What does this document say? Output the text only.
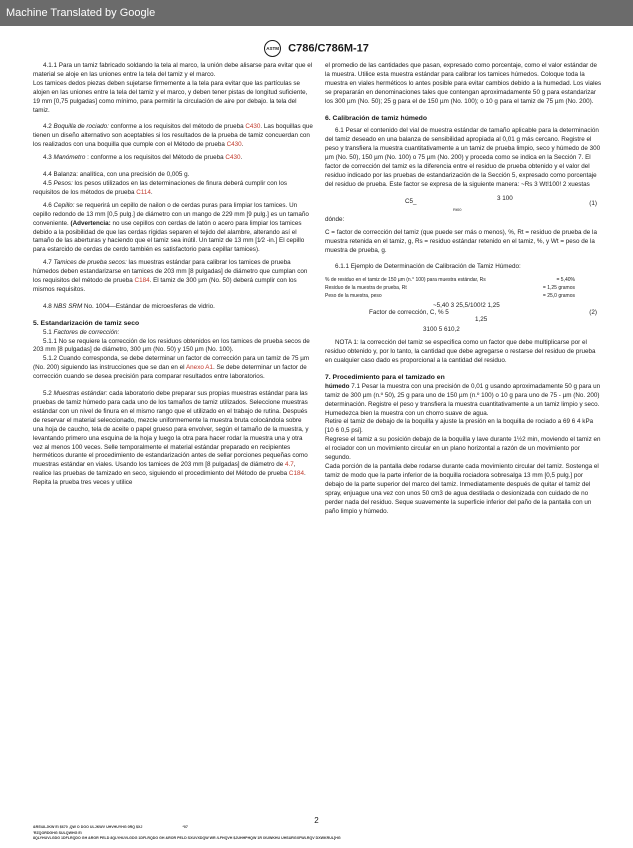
Machine Translated by Google
ASTM C786/C786M-17

4.1.1 Para un tamiz fabricado soldando la tela al marco, la unión debe alisarse para evitar que el material se aloje en las uniones entre la tela del tamiz y el marco.

Los tamices dedos piezas deben sujetarse firmemente a la tela para evitar que las partículas se alojen en las uniones entre la tela del tamiz y el marco, y deben tener pistas de longitud suficiente, 19 mm [0,75 pulgadas] como mínimo, para permitir la circulación de aire por debajo. la tela del tamiz.

4.2 Boquilla de rociado: conforme a los requisitos del método de prueba C430. Las boquillas que tienen un diseño alternativo son aceptables si los resultados de la prueba de tamiz concuerdan con los realizados con una boquilla que cumple con el Método de prueba C430.

4.3 Manómetro : conforme a los requisitos del Método de prueba C430.

4.4 Balanza: analítica, con una precisión de 0,005 g.

4.5 Pesos: los pesos utilizados en las determinaciones de finura deberá cumplir con los requisitos de los métodos de prueba C114.

4.6 Cepillo: se requerirá un cepillo de nailon o de cerdas puras para limpiar los tamices. Un cepillo redondo de 13 mm [0,5 pulg.] de diámetro con un mango de 229 mm [9 pulg.] es un tamaño conveniente. (Advertencia: no use cepillos con cerdas de latón o acero para limpiar los tamices debido a la posibilidad de que las cerdas rígidas separen el tejido del alambre, alterando así el tamaño de las aberturas y haciendo que el tamiz sea inútil. Un tamiz de 13 mm [1⁄2 -in.] El cepillo para estarcido de cerdas de cerdo también es satisfactorio para cepillar tamices).

4.7 Tamices de prueba secos: las muestras estándar para calibrar los tamices de prueba húmedos deben estandarizarse en tamices de 203 mm [8 pulgadas] de diámetro que cumplan con los requisitos del método de prueba C184. El tamiz de 300 µm (No. 50) deberá cumplir con los mismos requisitos.

4.8 NBS SRM No. 1004—Estándar de microesferas de vidrio.

5. Estandarización de tamiz seco

5.1 Factores de corrección:

5.1.1 No se requiere la corrección de los residuos obtenidos en los tamices de prueba secos de 203 mm [8 pulgadas] de diámetro, 300 µm (No. 50) y 150 µm (No. 100).

5.1.2 Cuando corresponda, se debe determinar un factor de corrección para un tamiz de 75 µm (No. 200) siguiendo las instrucciones que se dan en el Anexo A1. Se debe determinar un factor de corrección cuando se desea precisión para comparar resultados entre laboratorios.

5.2 Muestras estándar: cada laboratorio debe preparar sus propias muestras estándar para las pruebas de tamiz húmedo para cada uno de los tamaños de tamiz utilizados. Seleccione muestras estándar con un nivel de finura en el mismo rango que el utilizado en el trabajo de rutina. Después de reservar el material seleccionado, mezcle uniformemente la muestra bruta colocándola sobre una hoja de caucho, tela de aceite o papel grueso para envolver, según el tamaño de la muestra, y levantando primero una esquina de la hoja y luego la otra para hacer rodar la muestra una y otra vez al menos 100 veces. Selle temporalmente el material estándar preparado en recipientes herméticos durante el procedimiento de estandarización antes de sellar porciones pequeñas como muestras estándar en viales. Usando los tamices de 203 mm [8 pulgadas] de diámetro de 4.7, realice las pruebas de tamizado en seco, siguiendo el procedimiento del Método de prueba C184. Repita la prueba tres veces y utilice

el promedio de las cantidades que pasan, expresado como porcentaje, como el valor estándar de la muestra. Utilice esta muestra estándar para calibrar los tamices húmedos. Coloque toda la muestra en viales herméticos lo antes posible para evitar cambios debido a la humedad. Los viales se prepararán en denominaciones tales que contengan aproximadamente 50 g para estandarizar los 300 µm (No. 50); 25 g para el de 150 µm (No. 100); o 10 g para el tamiz de 75 µm (No. 200).

6. Calibración de tamiz húmedo

6.1 Pesar el contenido del vial de muestra estándar de tamaño aplicable para la determinación del tamiz deseado en una balanza de sensibilidad apropiada al 0,01 g más cercano. Registre el peso y transfiera la muestra cuantitativamente a un tamiz de prueba limpio, seco y húmedo de 300 µm (No. 50), 150 µm (No. 100) o 75 µm (No. 200) y proceda como se indica en la Sección 7. El factor de corrección del tamiz es la diferencia entre el residuo de prueba obtenido y el valor del residuo indicado por las pruebas de estandarización de la Sección 5, expresado como porcentaje del residuo de prueba. Este factor se expresa de la siguiente manera: ~Rs 3 Wt!100! 2 xuestas

C5_
Rt00
3 100
(1)

dónde:

C = factor de corrección del tamiz (que puede ser más o menos), %, Rt = residuo de prueba de la muestra retenida en el tamiz, g, Rs = residuo estándar retenido en el tamiz, %, y Wt = peso de la muestra de prueba, g.

6.1.1 Ejemplo de Determinación de Calibración de Tamiz Húmedo:

% de residuo en el tamiz de 150 µm (n.° 100) para muestra estándar, Rs	= 5,40%
Residuo de la muestra de prueba, Rt	= 1,25 gramos
Peso de la muestra, peso	= 25,0 gramos
~5,40 3 25,5/100!2 1,25
Factor de corrección, C, % 5
1,25
(2)

3100 5 610,2

NOTA 1: la corrección del tamiz se especifica como un factor que debe multiplicarse por el residuo obtenido y, por lo tanto, la cantidad que debe agregarse o restarse del residuo de prueba en cualquier caso dado es proporcional a la cantidad del residuo.

7. Procedimiento para el tamizado en

húmedo 7.1 Pesar la muestra con una precisión de 0,01 g usando aproximadamente 50 g para un tamiz de 300 µm (n.º 50), 25 g para uno de 150 µm (n.º 100) o 10 g para uno de 75 - µm (No. 200) determinación. Registre el peso y transfiera la muestra cuantitativamente a un tamiz limpio y seco. Humedezca bien la muestra con un chorro suave de agua.

Retire el tamiz de debajo de la boquilla y ajuste la presión en la boquilla de rociado a 69 6 4 kPa [10 6 0,5 psi].

Regrese el tamiz a su posición debajo de la boquilla y lave durante 1½2 min, moviendo el tamiz en el rociador con un movimiento circular en un plano horizontal a razón de un movimiento por segundo.

Cada porción de la pantalla debe rodarse durante cada movimiento circular del tamiz. Sostenga el tamiz de modo que la parte inferior de la boquilla rociadora sobresalga 13 mm [0,5 pulg.] por debajo de la parte superior del marco del tamiz. Inmediatamente después de quitar el tamiz del spray, enjuague una vez con unos 50 cm3 de agua destilada o desionizada con cuidado de no perder nada del residuo. Seque suavemente la superficie inferior del paño de la pantalla con un paño limpio y húmedo.

2
&RS\ULJKW E\ $670 ,QW O DOO ULJKWV UHVHUYHG 0RQ $XJ	*07
'RZQORDGHG SULQWHG E\
8QLYHUVLGDG 1DFLRQDO GH &ROR PELD 8QLYHUVLGDG 1DFLRQDO GH &ROR PELD SXUVXDQW WR /LFHQVH $JUHHPHQW 1R IXUWKHU UHSURGXFWLRQV DXWKRUL]HG
